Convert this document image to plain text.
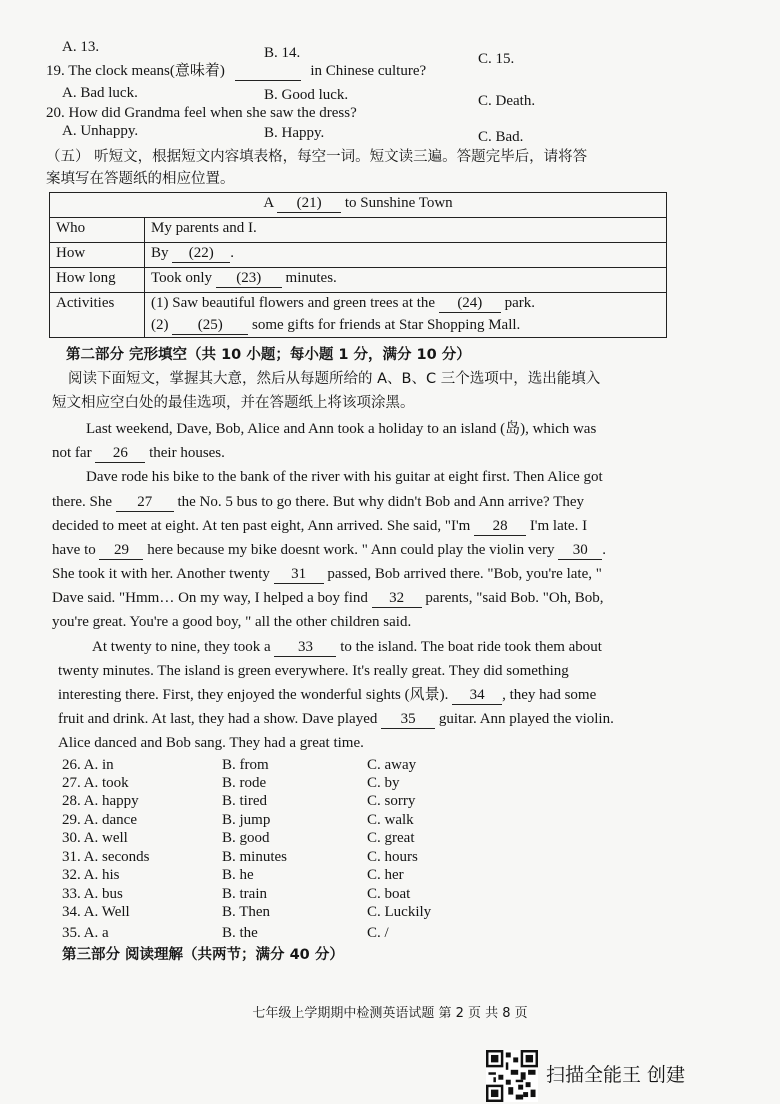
A. 13.	B. 14.	C. 15.
19. The clock means(意味着)	in Chinese culture?
A. Bad luck.	B. Good luck.	C. Death.
20. How did Grandma feel when she saw the dress?
A. Unhappy.	B. Happy.	C. Bad.
（五） 听短文，根据短文内容填表格，每空一词。短文读三遍。答题完毕后，请将答
案填写在答题纸的相应位置。
A (21) to Sunshine Town	
Who	My parents and I.
How	By (22) .
How long	Took only (23) minutes.
Activities	(1) Saw beautiful flowers and green trees at the (24) park.
(2) (25) some gifts for friends at Star Shopping Mall.
第二部分 完形填空（共 10 小题；每小题 1 分，满分 10 分）
阅读下面短文，掌握其大意，然后从每题所给的 A、B、C 三个选项中，选出能填入
短文相应空白处的最佳选项，并在答题纸上将该项涂黑。
Last weekend, Dave, Bob, Alice and Ann took a holiday to an island (岛), which was
not far 26 their houses.
Dave rode his bike to the bank of the river with his guitar at eight first. Then Alice got
there. She 27 the No. 5 bus to go there. But why didn't Bob and Ann arrive? They
decided to meet at eight. At ten past eight, Ann arrived. She said, "I'm 28 I'm late. I
have to 29 here because my bike doesnt work. " Ann could play the violin very 30 .
She took it with her. Another twenty 31 passed, Bob arrived there. "Bob, you're late, "
Dave said. "Hmm… On my way, I helped a boy find 32 parents, "said Bob. "Oh, Bob,
you're great. You're a good boy, " all the other children said.
At twenty to nine, they took a 33 to the island. The boat ride took them about
twenty minutes. The island is green everywhere. It's really great. They did something
interesting there. First, they enjoyed the wonderful sights (风景). 34 , they had some
fruit and drink. At last, they had a show. Dave played 35 guitar. Ann played the violin.
Alice danced and Bob sang. They had a great time.
26. A. in	B. from	C. away
27. A. took	B. rode	C. by
28. A. happy	B. tired	C. sorry
29. A. dance	B. jump	C. walk
30. A. well	B. good	C. great
31. A. seconds	B. minutes	C. hours
32. A. his	B. he	C. her
33. A. bus	B. train	C. boat
34. A. Well	B. Then	C. Luckily
35. A. a	B. the	C. /
第三部分 阅读理解（共两节；满分 40 分）
七年级上学期期中检测英语试题 第 2 页 共 8 页
扫描全能王 创建
